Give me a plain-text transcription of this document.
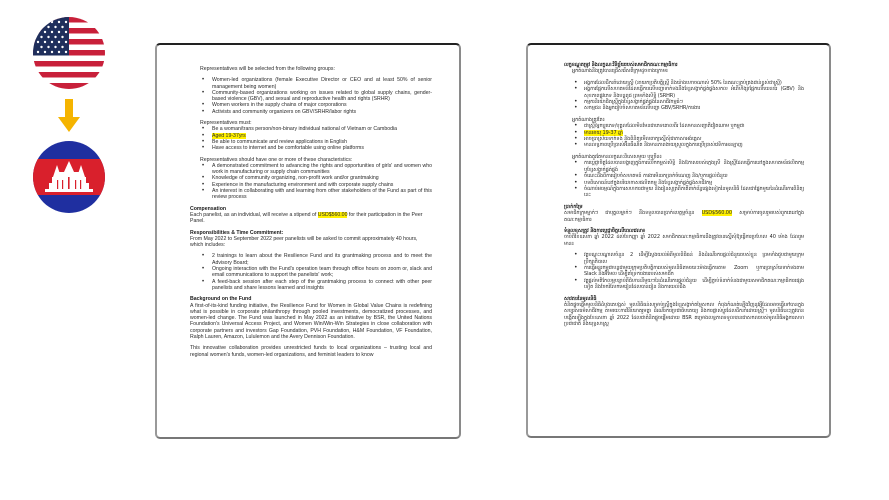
Representatives will be selected from the following groups:

• Women-led organizations (female Executive Director or CEO and at least 50% of senior management being women)
• Community-based organizations working on issues related to global supply chains, gender-based violence (GBV), and sexual and reproductive health and rights (SRHR)
• Women workers in the supply chains of major corporations
• Activists and community organizers on GBV/SRHR/labor rights

Representatives must:

• Be a woman/trans person/non-binary individual national of Vietnam or Cambodia
• Aged 19-37yrs
• Be able to communicate and review applications in English
• Have access to internet and be comfortable using online platforms

Representatives should have one or more of these characteristics:

• A demonstrated commitment to advancing the rights and opportunities of girls' and women who work in manufacturing or supply chain communities
• Knowledge of community organizing, non-profit work and/or grantmaking
• Experience in the manufacturing environment and with corporate supply chains
• An interest in collaborating with and learning from other stakeholders of the Fund as part of this review process

Compensation

Each panelist, as an individual, will receive a stipend of USD$560.00 for their participation in the Peer Panel.

Responsibilities & Time Commitment:

From May 2022 to September 2022 peer panelists will be asked to commit approximately 40 hours, which includes:

• 2 trainings to learn about the Resilience Fund and its grantmaking process and to meet the Advisory Board;
• Ongoing interaction with the Fund's operation team through office hours on zoom or, slack and email communications to support the panelists' work;
• A feed-back session after each step of the grantmaking process to connect with other peer panelists and share lessons learned and insights

Background on the Fund

A first-of-its-kind funding initiative, the Resilience Fund for Women in Global Value Chains is redefining what is possible in corporate philanthropy through pooled investments, democratized processes, and women-led change. The Fund was launched in May 2022 as an initiative by BSR, the United Nations Foundation's Universal Access Project, and Women Win/Win-Win Strategies in close collaboration with corporate partners and investors Gap Foundation, PVH Foundation, H&M Foundation, VF Foundation, Ralph Lauren, Amazon, Lululemon and the Avery Dennison Foundation.

This innovative collaboration provides unrestricted funds to local organizations – trusting local and regional women's funds, women-led organizations, and feminist leaders to know

លក្ខខណ្ឌតម្រូវ និងលក្ខណៈវិនិច្ឆ័យរបស់សមាជិកគណៈកម្មាធិការ

អ្នកតំណាងនឹងត្រូវបានជ្រើសរើសពីក្រុមដូចខាងក្រោម៖

• អង្គការដែលដឹកនាំដោយស្ត្រី (នាយកប្រតិបត្តិស្ត្រី និងយ៉ាងហោចណាស់ 50% នៃគណៈគ្រប់គ្រងជាន់ខ្ពស់ជាស្ត្រី)
• អង្គការផ្អែកលើសហគមន៍ដែលធ្វើការលើបញ្ហាទាក់ទងនឹងខ្សែសង្វាក់ផ្គត់ផ្គង់សកល អំពើហិង្សាផ្អែកលើយេនឌ័រ (GBV) និងសុខភាពផ្លូវភេទ និងបន្តពូជ ព្រមទាំងសិទ្ធិ (SRHR)
• កម្មករនិយោជិតស្ត្រីក្នុងខ្សែសង្វាក់ផ្គត់ផ្គង់នៃសាជីវកម្មធំៗ
• សកម្មជន និងអ្នករៀបចំសហគមន៍លើបញ្ហា GBV/SRHR/ការងារ

អ្នកតំណាងត្រូវតែ៖

• ជាស្ត្រី/អ្នកប្តូរភេទ/បុគ្គលដែលមិនមែនជាភេទគោលពីរ ដែលមានសញ្ជាតិវៀតណាម ឬកម្ពុជា
• មានអាយុ 19-37 ឆ្នាំ
• អាចប្រាស្រ័យទាក់ទង និងពិនិត្យមើលពាក្យស្នើសុំជាភាសាអង់គ្លេស
• មានលទ្ធភាពប្រើប្រាស់អ៊ីនធឺណិត និងមានភាពងាយស្រួលក្នុងការប្រើប្រាស់វេទិកាអនឡាញ

អ្នកតំណាងគួរតែមានលក្ខណៈពិសេសមួយ ឬច្រើន៖

• ការប្តេជ្ញាចិត្តដែលបានបង្ហាញក្នុងការលើកកម្ពស់សិទ្ធិ និងឱកាសរបស់ក្មេងស្រី និងស្ត្រីដែលធ្វើការនៅក្នុងសហគមន៍ផលិតកម្ម ឬខ្សែសង្វាក់ផ្គត់ផ្គង់
• ចំណេះដឹងពីការរៀបចំសហគមន៍ ការងារមិនរកប្រាក់ចំណេញ និង/ឬការផ្តល់ជំនួយ
• បទពិសោធន៍នៅក្នុងបរិយាកាសផលិតកម្ម និងខ្សែសង្វាក់ផ្គត់ផ្គង់សាជីវកម្ម
• ចំណាប់អារម្មណ៍ក្នុងការសហការជាមួយ និងរៀនសូត្រពីភាគីពាក់ព័ន្ធផ្សេងទៀតនៃមូលនិធិ ដែលជាផ្នែកមួយនៃដំណើរការពិនិត្យនេះ

ប្រាក់កម្រៃ

សមាជិកក្រុមម្នាក់ៗ ជាបុគ្គលម្នាក់ៗ នឹងទទួលបានប្រាក់ឧបត្ថម្ភចំនួន USD$560.00 សម្រាប់ការចូលរួមរបស់ពួកគេនៅក្នុងគណៈកម្មាធិការ

ទំនួលខុសត្រូវ និងការប្តេជ្ញាចិត្តលើពេលវេលា៖

ចាប់ពីខែឧសភា ឆ្នាំ 2022 ដល់ខែកញ្ញា ឆ្នាំ 2022 សមាជិកគណៈកម្មាធិការនឹងត្រូវបានស្នើសុំឱ្យធ្វើការប្រហែល 40 ម៉ោង ដែលរួមមាន៖

• វគ្គបណ្តុះបណ្តាលចំនួន 2 ដើម្បីស្វែងយល់អំពីមូលនិធិធន់ និងដំណើរការផ្តល់ជំនួយរបស់ខ្លួន ព្រមទាំងជួបជាមួយក្រុមប្រឹក្សាភិបាល
• ការធ្វើអន្តរកម្មជាបន្តជាមួយក្រុមប្រតិបត្តិការរបស់មូលនិធិតាមរយៈម៉ោងធ្វើការតាម Zoom ឬការប្រាស្រ័យទាក់ទងតាម Slack និងអ៊ីមែល ដើម្បីគាំទ្រការងាររបស់សមាជិក
• វគ្គផ្តល់មតិកែលម្អបន្ទាប់ពីជំហាននីមួយៗនៃដំណើរការផ្តល់ជំនួយ ដើម្បីភ្ជាប់ទំនាក់ទំនងជាមួយសមាជិកគណៈកម្មាធិការផ្សេងទៀត និងចែករំលែកមេរៀនដែលបានរៀន និងការយល់ដឹង

សាវតារនៃមូលនិធិ

គំនិតផ្តួចផ្តើមមូលនិធិដំបូងគេបង្អស់ មូលនិធិធន់សម្រាប់ស្ត្រីក្នុងខ្សែសង្វាក់តម្លៃសកល កំពុងកំណត់ឡើងវិញនូវអ្វីដែលអាចធ្វើទៅបានក្នុងសប្បុរសធម៌សាជីវកម្ម តាមរយៈការវិនិយោគរួមគ្នា ដំណើរការប្រជាធិបតេយ្យ និងការផ្លាស់ប្តូរដែលដឹកនាំដោយស្ត្រី។ មូលនិធិនេះត្រូវបានបង្កើតឡើងក្នុងខែឧសភា ឆ្នាំ 2022 ដែលជាគំនិតផ្តួចផ្តើមដោយ BSR គម្រោងលទ្ធភាពទទួលបានជាសកលរបស់មូលនិធិអង្គការសហប្រជាជាតិ និងយុទ្ធសាស្ត្រ
